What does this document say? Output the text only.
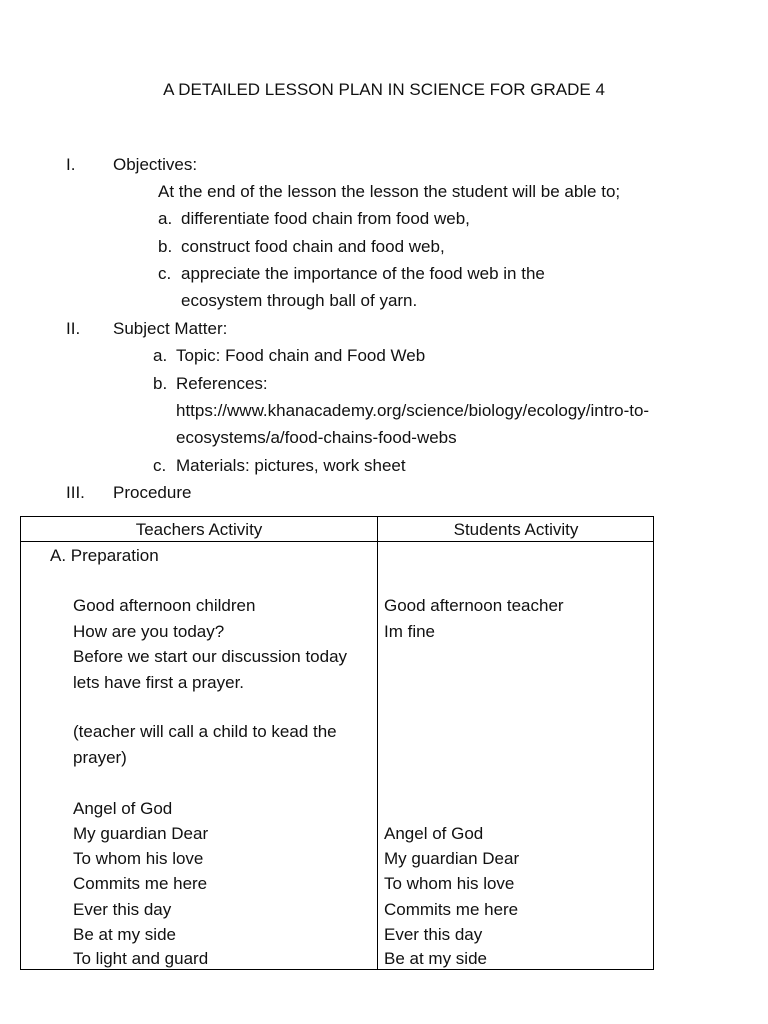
A DETAILED LESSON PLAN IN SCIENCE FOR GRADE 4
I. Objectives:
At the end of the lesson the lesson the student will be able to;
a. differentiate food chain from food web,
b. construct food chain and food web,
c. appreciate the importance of the food web in the
ecosystem through ball of yarn.
II. Subject Matter:
a. Topic: Food chain and Food Web
b. References:
https://www.khanacademy.org/science/biology/ecology/intro-to-
ecosystems/a/food-chains-food-webs
c. Materials: pictures, work sheet
III. Procedure
Teachers Activity	Students Activity
A. Preparation
Good afternoon children
How are you today?
Before we start our discussion today
lets have first a prayer.
(teacher will call a child to kead the
prayer)
Angel of God
My guardian Dear
To whom his love
Commits me here
Ever this day
Be at my side
To light and guard
Good afternoon teacher
Im fine
Angel of God
My guardian Dear
To whom his love
Commits me here
Ever this day
Be at my side
